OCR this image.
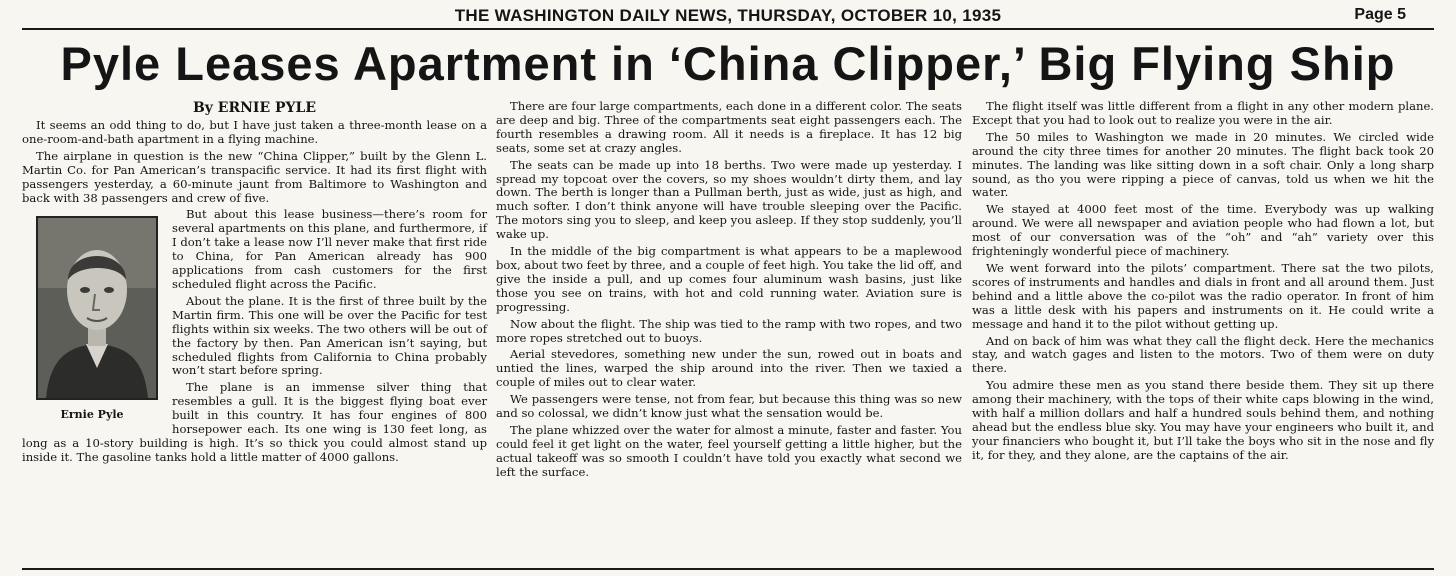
THE WASHINGTON DAILY NEWS, THURSDAY, OCTOBER 10, 1935	Page 5
Pyle Leases Apartment in ‘China Clipper,’ Big Flying Ship
By ERNIE PYLE

It seems an odd thing to do, but I have just taken a three-month lease on a one-room-and-bath apartment in a flying machine.

The airplane in question is the new “China Clipper,” built by the Glenn L. Martin Co. for Pan American’s transpacific service. It had its first flight with passengers yesterday, a 60-minute jaunt from Baltimore to Washington and back with 38 passengers and crew of five.

Ernie Pyle

But about this lease business—there’s room for several apartments on this plane, and furthermore, if I don’t take a lease now I’ll never make that first ride to China, for Pan American already has 900 applications from cash customers for the first scheduled flight across the Pacific.

About the plane. It is the first of three built by the Martin firm. This one will be over the Pacific for test flights within six weeks. The two others will be out of the factory by then. Pan American isn’t saying, but scheduled flights from California to China probably won’t start before spring.

The plane is an immense silver thing that resembles a gull. It is the biggest flying boat ever built in this country. It has four engines of 800 horsepower each. Its one wing is 130 feet long, as long as a 10-story building is high. It’s so thick you could almost stand up inside it. The gasoline tanks hold a little matter of 4000 gallons.

There are four large compartments, each done in a different color. The seats are deep and big. Three of the compartments seat eight passengers each. The fourth resembles a drawing room. All it needs is a fireplace. It has 12 big seats, some set at crazy angles.

The seats can be made up into 18 berths. Two were made up yesterday. I spread my topcoat over the covers, so my shoes wouldn’t dirty them, and lay down. The berth is longer than a Pullman berth, just as wide, just as high, and much softer. I don’t think anyone will have trouble sleeping over the Pacific. The motors sing you to sleep, and keep you asleep. If they stop suddenly, you’ll wake up.

In the middle of the big compartment is what appears to be a maplewood box, about two feet by three, and a couple of feet high. You take the lid off, and give the inside a pull, and up comes four aluminum wash basins, just like those you see on trains, with hot and cold running water. Aviation sure is progressing.

Now about the flight. The ship was tied to the ramp with two ropes, and two more ropes stretched out to buoys.

Aerial stevedores, something new under the sun, rowed out in boats and untied the lines, warped the ship around into the river. Then we taxied a couple of miles out to clear water.

We passengers were tense, not from fear, but because this thing was so new and so colossal, we didn’t know just what the sensation would be.

The plane whizzed over the water for almost a minute, faster and faster. You could feel it get light on the water, feel yourself getting a little higher, but the actual takeoff was so smooth I couldn’t have told you exactly what second we left the surface.

The flight itself was little different from a flight in any other modern plane. Except that you had to look out to realize you were in the air.

The 50 miles to Washington we made in 20 minutes. We circled wide around the city three times for another 20 minutes. The flight back took 20 minutes. The landing was like sitting down in a soft chair. Only a long sharp sound, as tho you were ripping a piece of canvas, told us when we hit the water.

We stayed at 4000 feet most of the time. Everybody was up walking around. We were all newspaper and aviation people who had flown a lot, but most of our conversation was of the “oh” and “ah” variety over this frighteningly wonderful piece of machinery.

We went forward into the pilots’ compartment. There sat the two pilots, scores of instruments and handles and dials in front and all around them. Just behind and a little above the co-pilot was the radio operator. In front of him was a little desk with his papers and instruments on it. He could write a message and hand it to the pilot without getting up.

And on back of him was what they call the flight deck. Here the mechanics stay, and watch gages and listen to the motors. Two of them were on duty there.

You admire these men as you stand there beside them. They sit up there among their machinery, with the tops of their white caps blowing in the wind, with half a million dollars and half a hundred souls behind them, and nothing ahead but the endless blue sky. You may have your engineers who built it, and your financiers who bought it, but I’ll take the boys who sit in the nose and fly it, for they, and they alone, are the captains of the air.
